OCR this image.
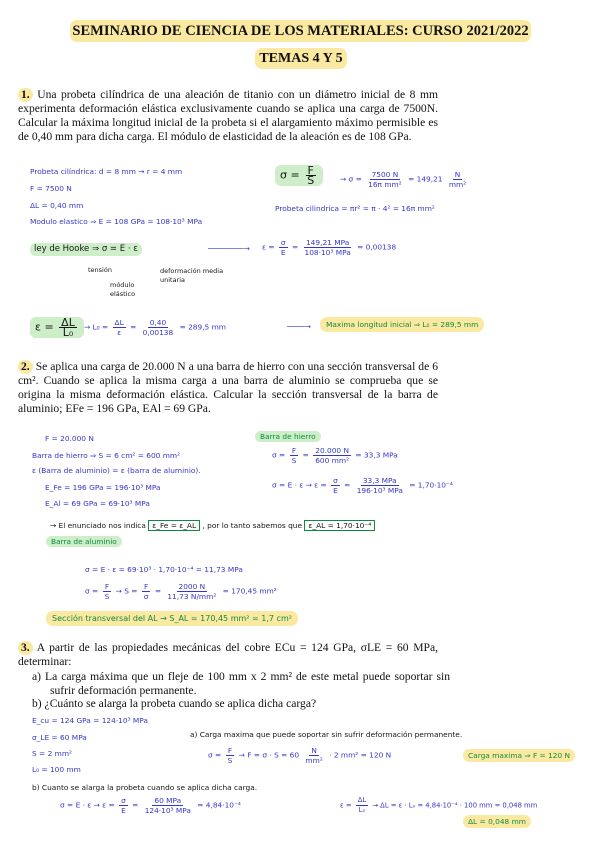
SEMINARIO DE CIENCIA DE LOS MATERIALES: CURSO 2021/2022
TEMAS 4 Y 5
1. Una probeta cilíndrica de una aleación de titanio con un diámetro inicial de 8 mm experimenta deformación elástica exclusivamente cuando se aplica una carga de 7500N. Calcular la máxima longitud inicial de la probeta si el alargamiento máximo permisible es de 0,40 mm para dicha carga. El módulo de elasticidad de la aleación es de 108 GPa.
Probeta cilíndrica: d = 8 mm → r = 4 mm
F = 7500 N
ΔL = 0,40 mm
Modulo elastico ⇒ E = 108 GPa = 108·10³ MPa
$\sigma = \frac{F}{S}$	→ $\sigma = \frac{7500 N}{\text{16π mm²}} = 149,21 \frac{N}{\text{mm²}}$
Probeta cilindrica = πr² = π · 4² = 16π mm²
ley de Hooke ⇒ σ = E · ε
tensión
módulo elástico
deformación media unitaria
────────→ $\varepsilon = \frac{\sigma}{E} = \frac{\text{149,21 MPa}}{\text{108·10³ MPa}} = 0,00138$
$\varepsilon = \frac{\Delta L}{\text{L₀}} \to L_0 = \frac{\Delta L}{\varepsilon} = \frac{0,40}{0,00138} = 289,5$ mm	────→	Maxima longitud inicial ⇒ L₀ = 289,5 mm
2. Se aplica una carga de 20.000 N a una barra de hierro con una sección transversal de 6 cm². Cuando se aplica la misma carga a una barra de aluminio se comprueba que se origina la misma deformación elástica. Calcular la sección transversal de la barra de aluminio; EFe = 196 GPa, EAl = 69 GPa.
F = 20.000 N
Barra de hierro ⇒ S = 6 cm² = 600 mm²
ε (Barra de aluminio) = ε (barra de aluminio).
E_Fe = 196 GPa = 196·10³ MPa
E_Al = 69 GPa = 69·10³ MPa
Barra de hierro
$\sigma = \frac{F}{S} = \frac{20.000 N}{\text{600 mm²}} = 33,3$ MPa
$\sigma = E \cdot \varepsilon \to \varepsilon = \frac{\sigma}{E} = \frac{\text{33,3 MPa}}{\text{196·10³ MPa}} = 1,70\cdot 10^{-4}$
→ El enunciado nos indica ε_Fe = ε_AL , por lo tanto sabemos que ε_AL = 1,70·10⁻⁴
Barra de aluminio
σ = E · ε = 69·10³ · 1,70·10⁻⁴ = 11,73 MPa
$\sigma = \frac{F}{S} \to S = \frac{F}{\sigma} = \frac{2000 N}{\text{11,73 N/mm²}} = 170,45$ mm²
Sección transversal del AL → S_AL = 170,45 mm² = 1,7 cm²
3. A partir de las propiedades mecánicas del cobre ECu = 124 GPa, σLE = 60 MPa, determinar:
a) La carga máxima que un fleje de 100 mm x 2 mm² de este metal puede soportar sin sufrir deformación permanente.
b) ¿Cuánto se alarga la probeta cuando se aplica dicha carga?
E_cu = 124 GPa = 124·10³ MPa
σ_LE = 60 MPa
S = 2 mm²
L₀ = 100 mm
a) Carga maxima que puede soportar sin sufrir deformación permanente.
$\sigma = \frac{F}{S} \to F = \sigma \cdot S = 60 \frac{N}{\text{mm²}} \cdot 2$ mm² = 120 N	Carga maxima ⇒ F = 120 N
b) Cuanto se alarga la probeta cuando se aplica dicha carga.
$\sigma = E \cdot \varepsilon \to \varepsilon = \frac{\sigma}{E} = \frac{\text{60 MPa}}{\text{124·10³ MPa}} = 4,84\cdot 10^{-4}$	$\varepsilon = \frac{\Delta L}{\text{L₀}} \to \Delta L = \varepsilon \cdot L_0 = 4,84\cdot 10^{-4} \cdot 100$ mm = 0,048 mm
ΔL = 0,048 mm
